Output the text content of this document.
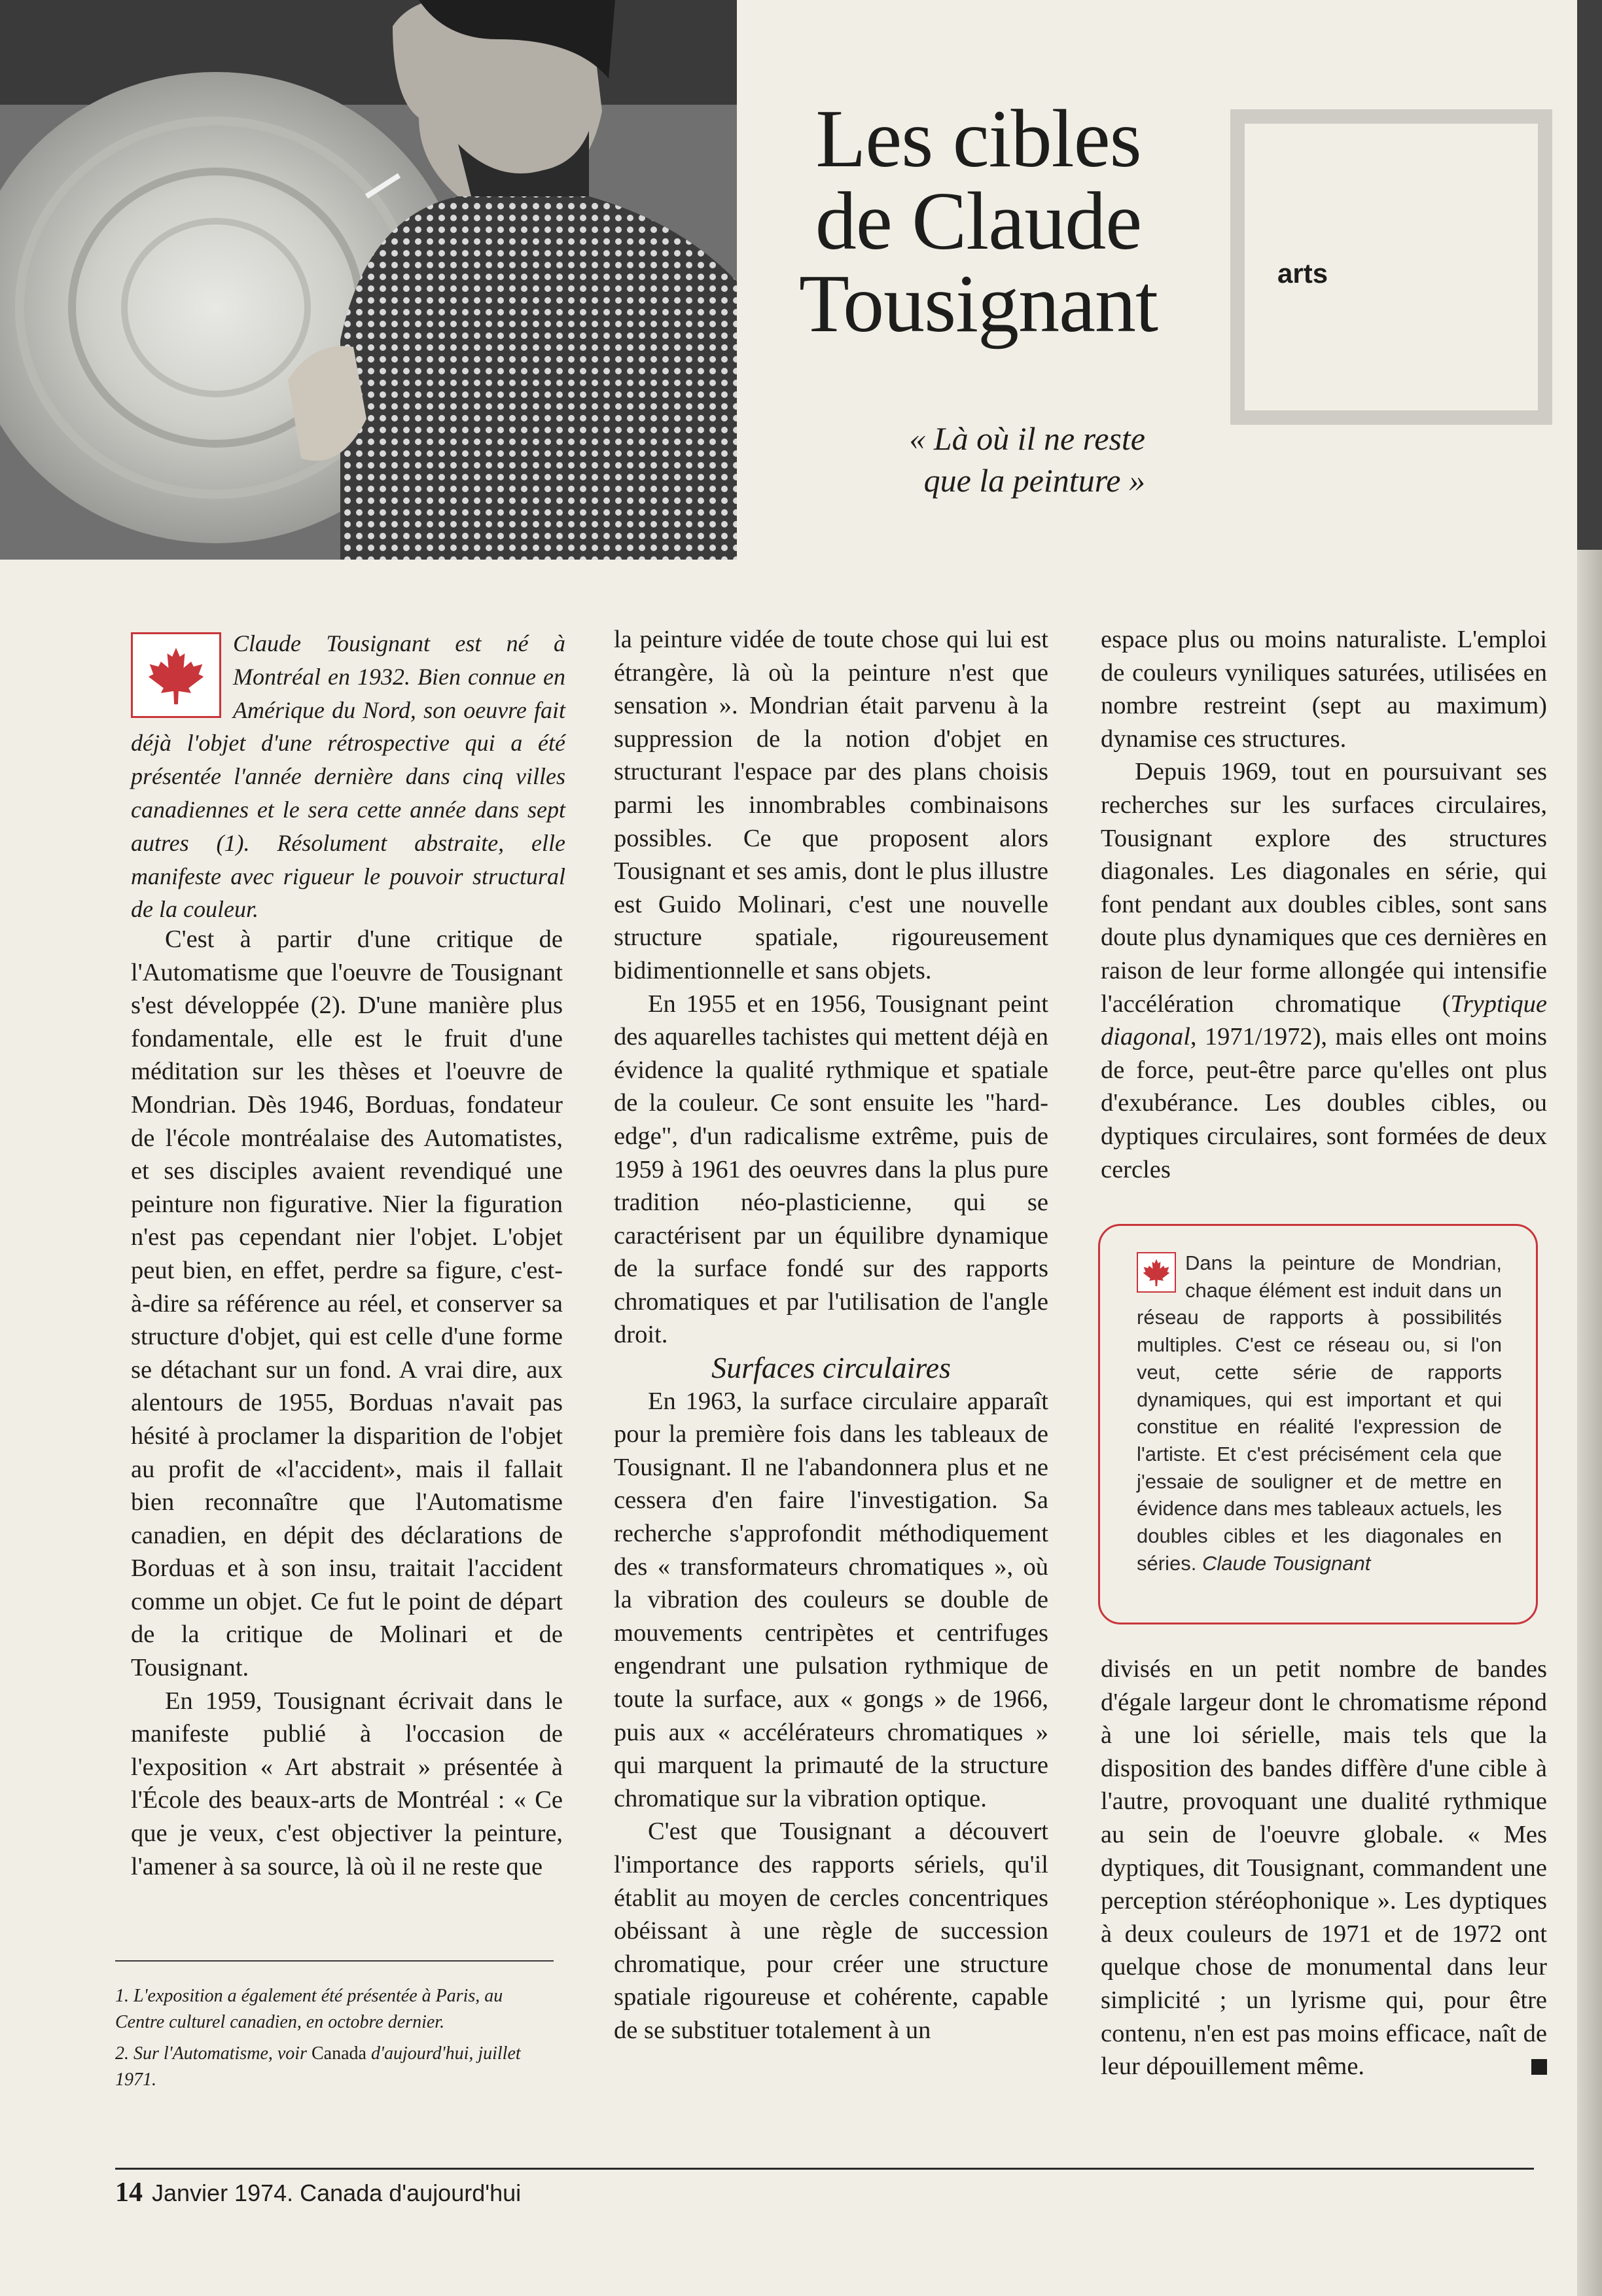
Les cibles
de Claude
Tousignant

« Là où il ne reste
que la peinture »

arts

Claude Tousignant est né à Montréal en 1932. Bien connue en Amérique du Nord, son oeuvre fait déjà l'objet d'une rétrospective qui a été présentée l'année dernière dans cinq villes canadiennes et le sera cette année dans sept autres (1). Résolument abstraite, elle manifeste avec rigueur le pouvoir structural de la couleur.

C'est à partir d'une critique de l'Automatisme que l'oeuvre de Tousignant s'est développée (2). D'une manière plus fondamentale, elle est le fruit d'une méditation sur les thèses et l'oeuvre de Mondrian. Dès 1946, Borduas, fondateur de l'école montréalaise des Automatistes, et ses disciples avaient revendiqué une peinture non figurative. Nier la figuration n'est pas cependant nier l'objet. L'objet peut bien, en effet, perdre sa figure, c'est-à-dire sa référence au réel, et conserver sa structure d'objet, qui est celle d'une forme se détachant sur un fond. A vrai dire, aux alentours de 1955, Borduas n'avait pas hésité à proclamer la disparition de l'objet au profit de «l'accident», mais il fallait bien reconnaître que l'Automatisme canadien, en dépit des déclarations de Borduas et à son insu, traitait l'accident comme un objet. Ce fut le point de départ de la critique de Molinari et de Tousignant.

En 1959, Tousignant écrivait dans le manifeste publié à l'occasion de l'exposition « Art abstrait » présentée à l'École des beaux-arts de Montréal : « Ce que je veux, c'est objectiver la peinture, l'amener à sa source, là où il ne reste que

la peinture vidée de toute chose qui lui est étrangère, là où la peinture n'est que sensation ». Mondrian était parvenu à la suppression de la notion d'objet en structurant l'espace par des plans choisis parmi les innombrables combinaisons possibles. Ce que proposent alors Tousignant et ses amis, dont le plus illustre est Guido Molinari, c'est une nouvelle structure spatiale, rigoureusement bidimentionnelle et sans objets.

En 1955 et en 1956, Tousignant peint des aquarelles tachistes qui mettent déjà en évidence la qualité rythmique et spatiale de la couleur. Ce sont ensuite les "hard-edge", d'un radicalisme extrême, puis de 1959 à 1961 des oeuvres dans la plus pure tradition néo-plasticienne, qui se caractérisent par un équilibre dynamique de la surface fondé sur des rapports chromatiques et par l'utilisation de l'angle droit.

Surfaces circulaires

En 1963, la surface circulaire apparaît pour la première fois dans les tableaux de Tousignant. Il ne l'abandonnera plus et ne cessera d'en faire l'investigation. Sa recherche s'approfondit méthodiquement des « transformateurs chromatiques », où la vibration des couleurs se double de mouvements centripètes et centrifuges engendrant une pulsation rythmique de toute la surface, aux « gongs » de 1966, puis aux « accélérateurs chromatiques » qui marquent la primauté de la structure chromatique sur la vibration optique.

C'est que Tousignant a découvert l'importance des rapports sériels, qu'il établit au moyen de cercles concentriques obéissant à une règle de succession chromatique, pour créer une structure spatiale rigoureuse et cohérente, capable de se substituer totalement à un

espace plus ou moins naturaliste. L'emploi de couleurs vyniliques saturées, utilisées en nombre restreint (sept au maximum) dynamise ces structures.

Depuis 1969, tout en poursuivant ses recherches sur les surfaces circulaires, Tousignant explore des structures diagonales. Les diagonales en série, qui font pendant aux doubles cibles, sont sans doute plus dynamiques que ces dernières en raison de leur forme allongée qui intensifie l'accélération chromatique (Tryptique diagonal, 1971/1972), mais elles ont moins de force, peut-être parce qu'elles ont plus d'exubérance. Les doubles cibles, ou dyptiques circulaires, sont formées de deux cercles

Dans la peinture de Mondrian, chaque élément est induit dans un réseau de rapports à possibilités multiples. C'est ce réseau ou, si l'on veut, cette série de rapports dynamiques, qui est important et qui constitue en réalité l'expression de l'artiste. Et c'est précisément cela que j'essaie de souligner et de mettre en évidence dans mes tableaux actuels, les doubles cibles et les diagonales en séries. Claude Tousignant

divisés en un petit nombre de bandes d'égale largeur dont le chromatisme répond à une loi sérielle, mais tels que la disposition des bandes diffère d'une cible à l'autre, provoquant une dualité rythmique au sein de l'oeuvre globale. « Mes dyptiques, dit Tousignant, commandent une perception stéréophonique ». Les dyptiques à deux couleurs de 1971 et de 1972 ont quelque chose de monumental dans leur simplicité ; un lyrisme qui, pour être contenu, n'en est pas moins efficace, naît de leur dépouillement même.

1. L'exposition a également été présentée à Paris, au Centre culturel canadien, en octobre dernier.

2. Sur l'Automatisme, voir Canada d'aujourd'hui, juillet 1971.

14 Janvier 1974. Canada d'aujourd'hui
